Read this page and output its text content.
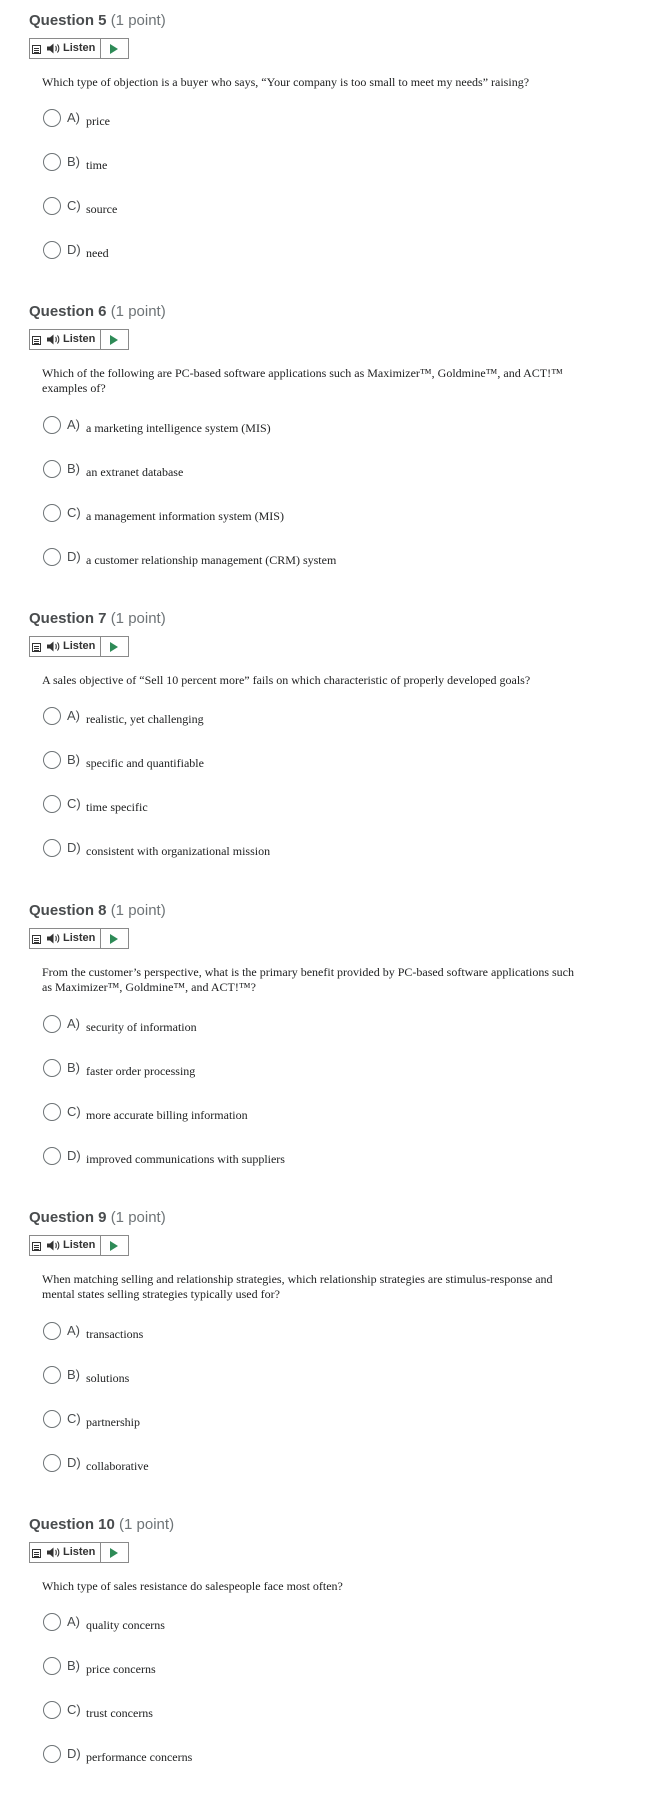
Question 5 (1 point)
Listen
Which type of objection is a buyer who says, “Your company is too small to meet my needs” raising?
A) price
B) time
C) source
D) need
Question 6 (1 point)
Listen
Which of the following are PC-based software applications such as Maximizer™, Goldmine™, and ACT!™ examples of?
A) a marketing intelligence system (MIS)
B) an extranet database
C) a management information system (MIS)
D) a customer relationship management (CRM) system
Question 7 (1 point)
Listen
A sales objective of “Sell 10 percent more” fails on which characteristic of properly developed goals?
A) realistic, yet challenging
B) specific and quantifiable
C) time specific
D) consistent with organizational mission
Question 8 (1 point)
Listen
From the customer’s perspective, what is the primary benefit provided by PC-based software applications such as Maximizer™, Goldmine™, and ACT!™?
A) security of information
B) faster order processing
C) more accurate billing information
D) improved communications with suppliers
Question 9 (1 point)
Listen
When matching selling and relationship strategies, which relationship strategies are stimulus-response and mental states selling strategies typically used for?
A) transactions
B) solutions
C) partnership
D) collaborative
Question 10 (1 point)
Listen
Which type of sales resistance do salespeople face most often?
A) quality concerns
B) price concerns
C) trust concerns
D) performance concerns
